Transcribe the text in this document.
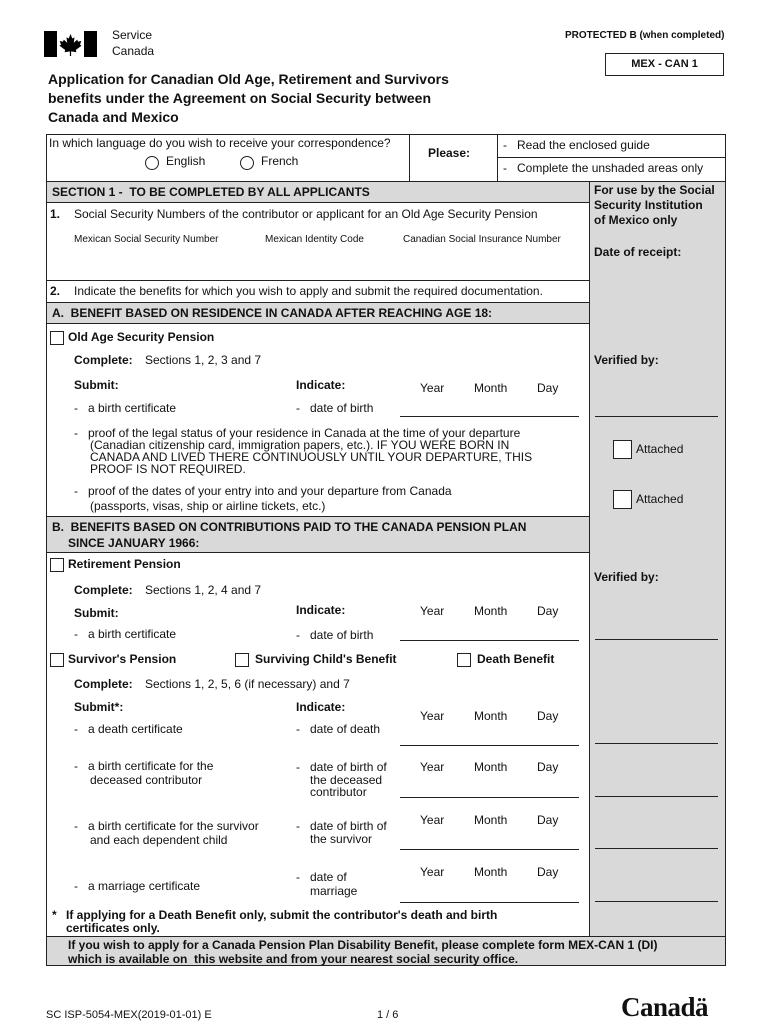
Service
Canada
PROTECTED B (when completed)
MEX - CAN 1
Application for Canadian Old Age, Retirement and Survivors
benefits under the Agreement on Social Security between
Canada and Mexico
In which language do you wish to receive your correspondence?
English	French
Please:
-   Read the enclosed guide
-   Complete the unshaded areas only
SECTION 1 -  TO BE COMPLETED BY ALL APPLICANTS	For use by the Social
Security Institution
of Mexico only
Date of receipt:
1. Social Security Numbers of the contributor or applicant for an Old Age Security Pension
Mexican Social Security Number	Mexican Identity Code	Canadian Social Insurance Number
2. Indicate the benefits for which you wish to apply and submit the required documentation.
A.  BENEFIT BASED ON RESIDENCE IN CANADA AFTER REACHING AGE 18:
Old Age Security Pension
Complete: Sections 1, 2, 3 and 7	Verified by:
Submit:	Indicate:	Year Month Day
-   a birth certificate	-   date of birth
-   proof of the legal status of your residence in Canada at the time of your departure
(Canadian citizenship card, immigration papers, etc.). IF YOU WERE BORN IN
CANADA AND LIVED THERE CONTINUOUSLY UNTIL YOUR DEPARTURE, THIS
PROOF IS NOT REQUIRED.
Attached
-   proof of the dates of your entry into and your departure from Canada
(passports, visas, ship or airline tickets, etc.)	Attached
B.  BENEFITS BASED ON CONTRIBUTIONS PAID TO THE CANADA PENSION PLAN
SINCE JANUARY 1966:
Retirement Pension
Verified by:
Complete: Sections 1, 2, 4 and 7
Submit:	Indicate:	Year Month Day
-   a birth certificate	-   date of birth
Survivor's Pension	Surviving Child's Benefit	Death Benefit
Complete: Sections 1, 2, 5, 6 (if necessary) and 7
Submit*:	Indicate:
Year Month Day
-   a death certificate	-   date of death
-   a birth certificate for the
deceased contributor
-   date of birth of
the deceased
contributor
Year Month Day
-   a birth certificate for the survivor
and each dependent child
-   date of birth of
the survivor
Year Month Day
-   a marriage certificate
-   date of
marriage
Year Month Day
* If applying for a Death Benefit only, submit the contributor's death and birth
certificates only.
If you wish to apply for a Canada Pension Plan Disability Benefit, please complete form MEX-CAN 1 (DI)
which is available on  this website and from your nearest social security office.
SC ISP-5054-MEX(2019-01-01) E	1 / 6	Canadä
